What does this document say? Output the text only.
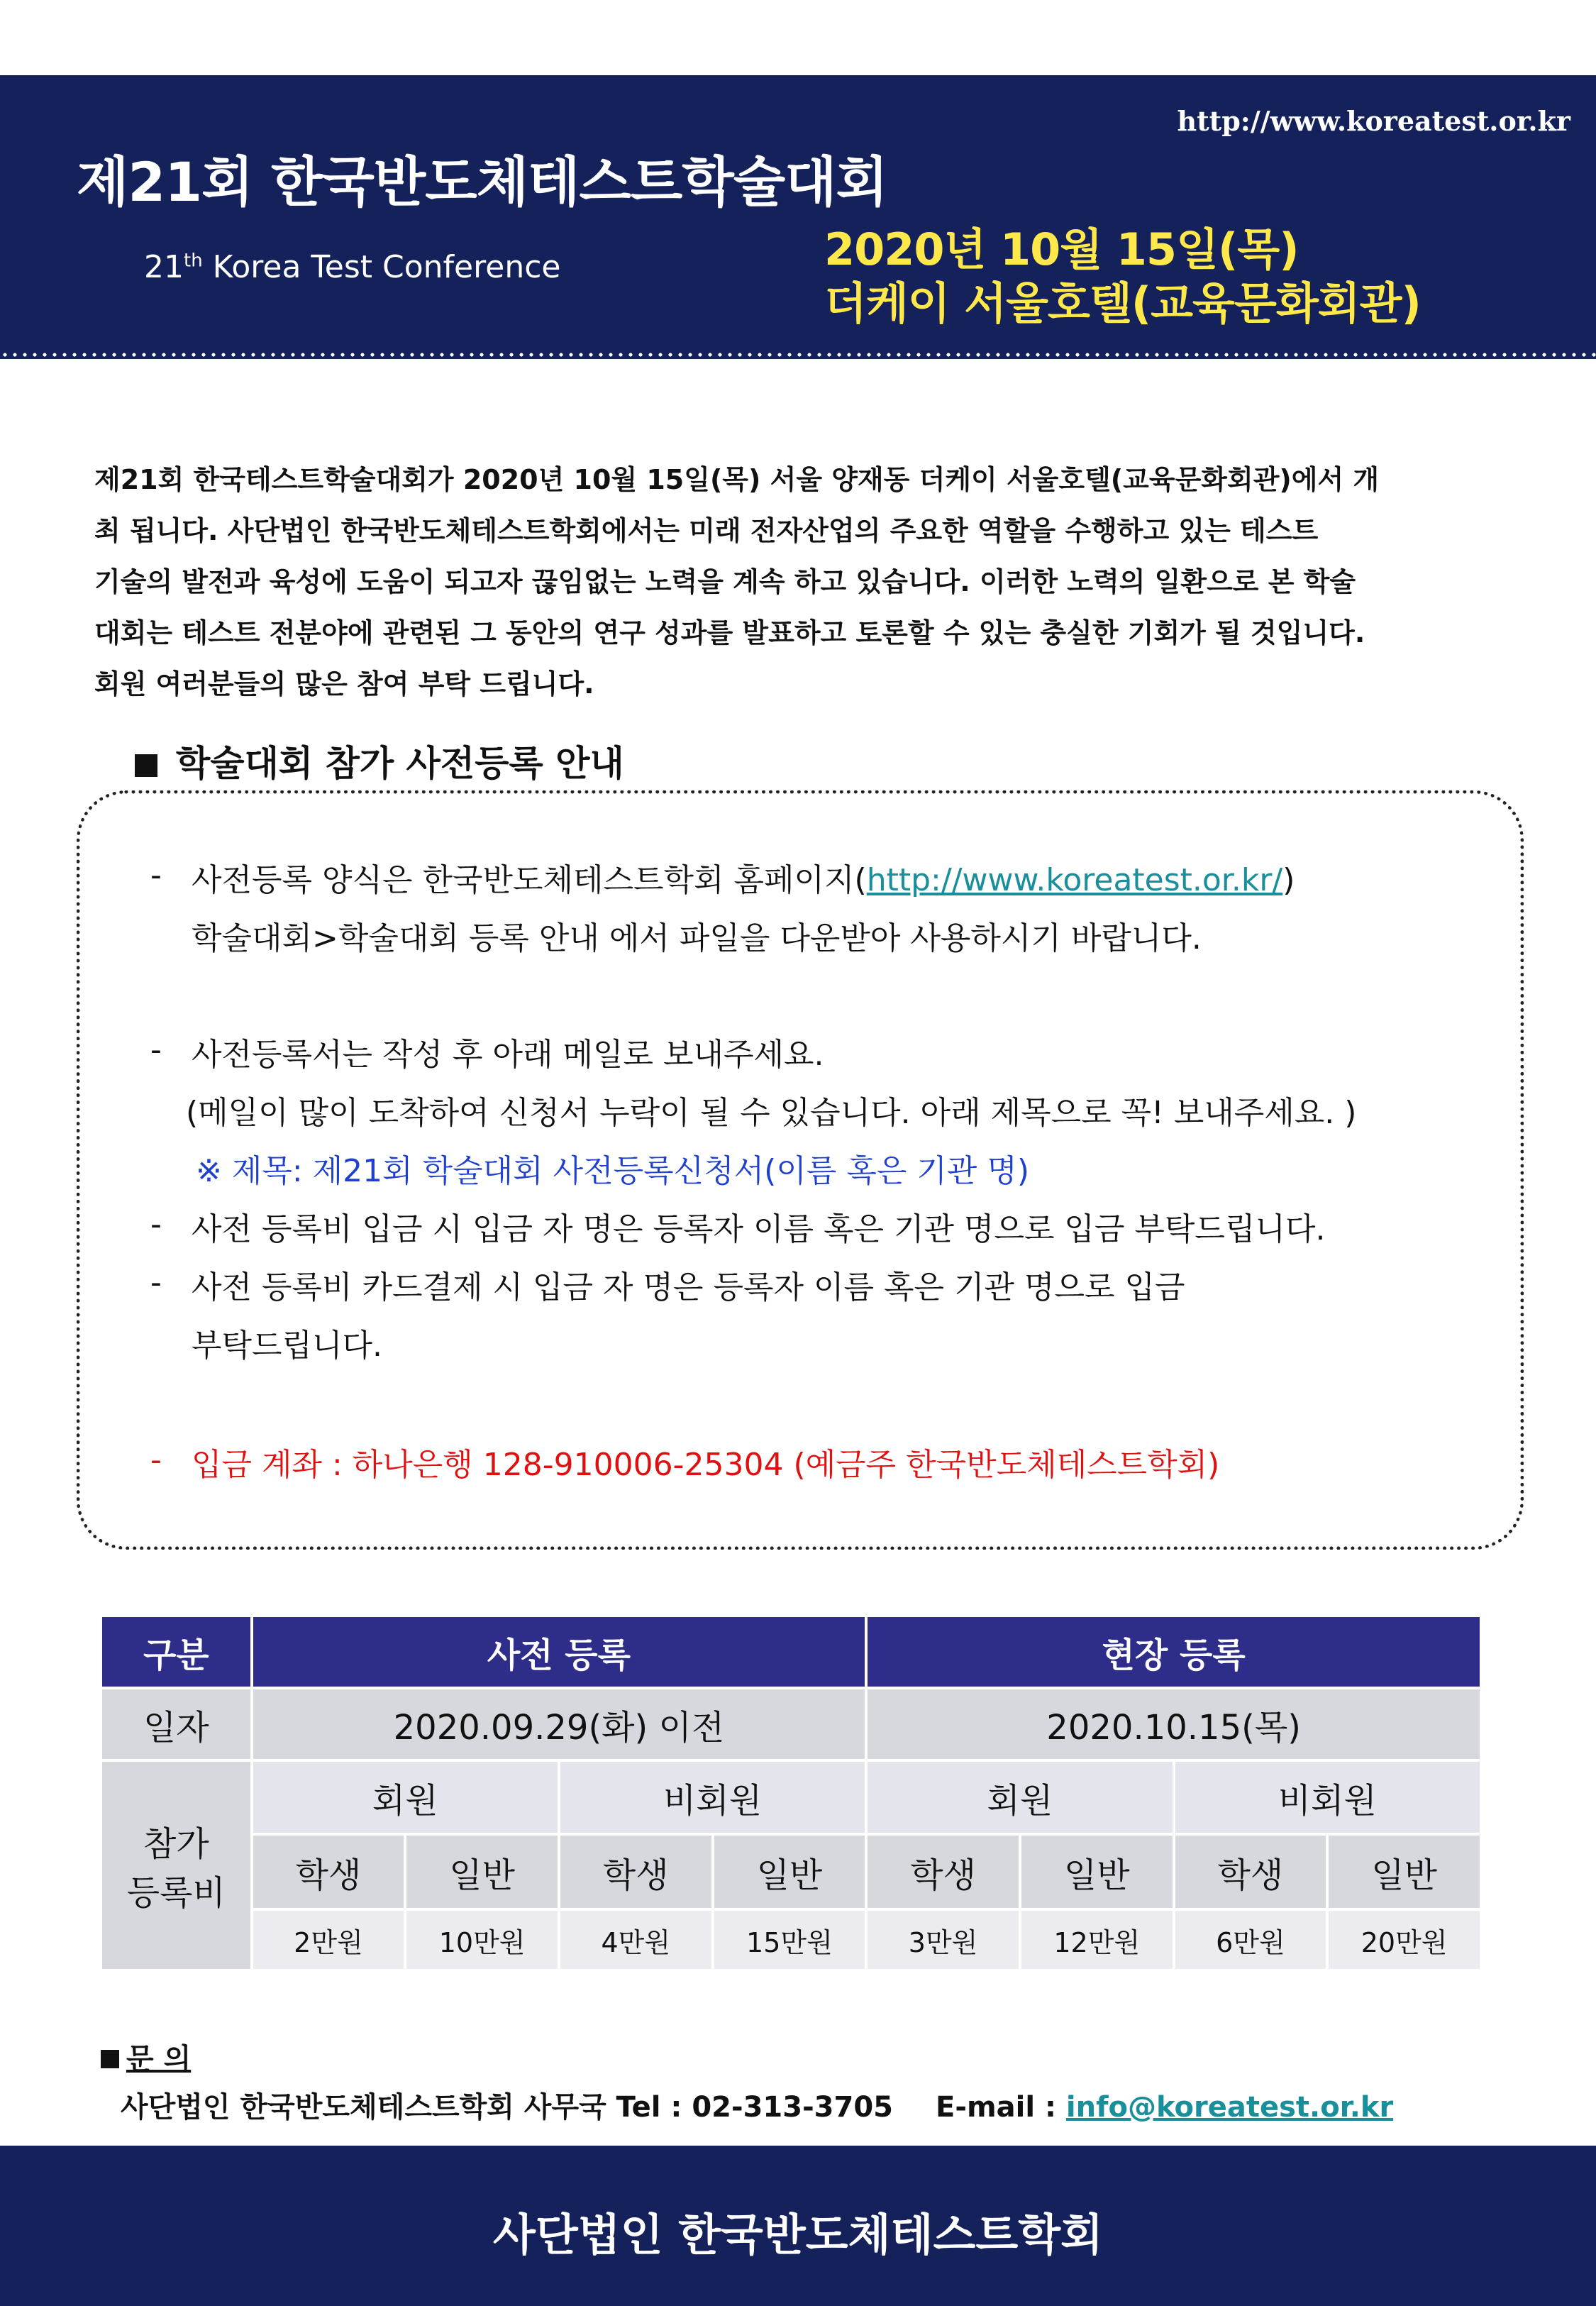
http://www.koreatest.or.kr
제21회 한국반도체테스트학술대회
21th Korea Test Conference	2020년 10월 15일(목)
더케이 서울호텔(교육문화회관)
제21회 한국테스트학술대회가 2020년 10월 15일(목) 서울 양재동 더케이 서울호텔(교육문화회관)에서 개
최 됩니다. 사단법인 한국반도체테스트학회에서는 미래 전자산업의 주요한 역할을 수행하고 있는 테스트
기술의 발전과 육성에 도움이 되고자 끊임없는 노력을 계속 하고 있습니다. 이러한 노력의 일환으로 본 학술
대회는 테스트 전분야에 관련된 그 동안의 연구 성과를 발표하고 토론할 수 있는 충실한 기회가 될 것입니다.
회원 여러분들의 많은 참여 부탁 드립니다.
학술대회 참가 사전등록 안내
- 사전등록 양식은 한국반도체테스트학회 홈페이지(http://www.koreatest.or.kr/)
학술대회>학술대회 등록 안내 에서 파일을 다운받아 사용하시기 바랍니다.
- 사전등록서는 작성 후 아래 메일로 보내주세요.
(메일이 많이 도착하여 신청서 누락이 될 수 있습니다. 아래 제목으로 꼭! 보내주세요. )
※ 제목: 제21회 학술대회 사전등록신청서(이름 혹은 기관 명)
- 사전 등록비 입금 시 입금 자 명은 등록자 이름 혹은 기관 명으로 입금 부탁드립니다.
- 사전 등록비 카드결제 시 입금 자 명은 등록자 이름 혹은 기관 명으로 입금
부탁드립니다.
- 입금 계좌 : 하나은행 128-910006-25304 (예금주 한국반도체테스트학회)
구분	사전 등록				현장 등록			
일자	2020.09.29(화) 이전				2020.10.15(목)			

참가
등록비	회원		비회원		회원		비회원	
	학생	일반	학생	일반	학생	일반	학생	일반
	2만원	10만원	4만원	15만원	3만원	12만원	6만원	20만원
문 의
사단법인 한국반도체테스트학회 사무국 Tel : 02-313-3705 E-mail : info@koreatest.or.kr
사단법인 한국반도체테스트학회
